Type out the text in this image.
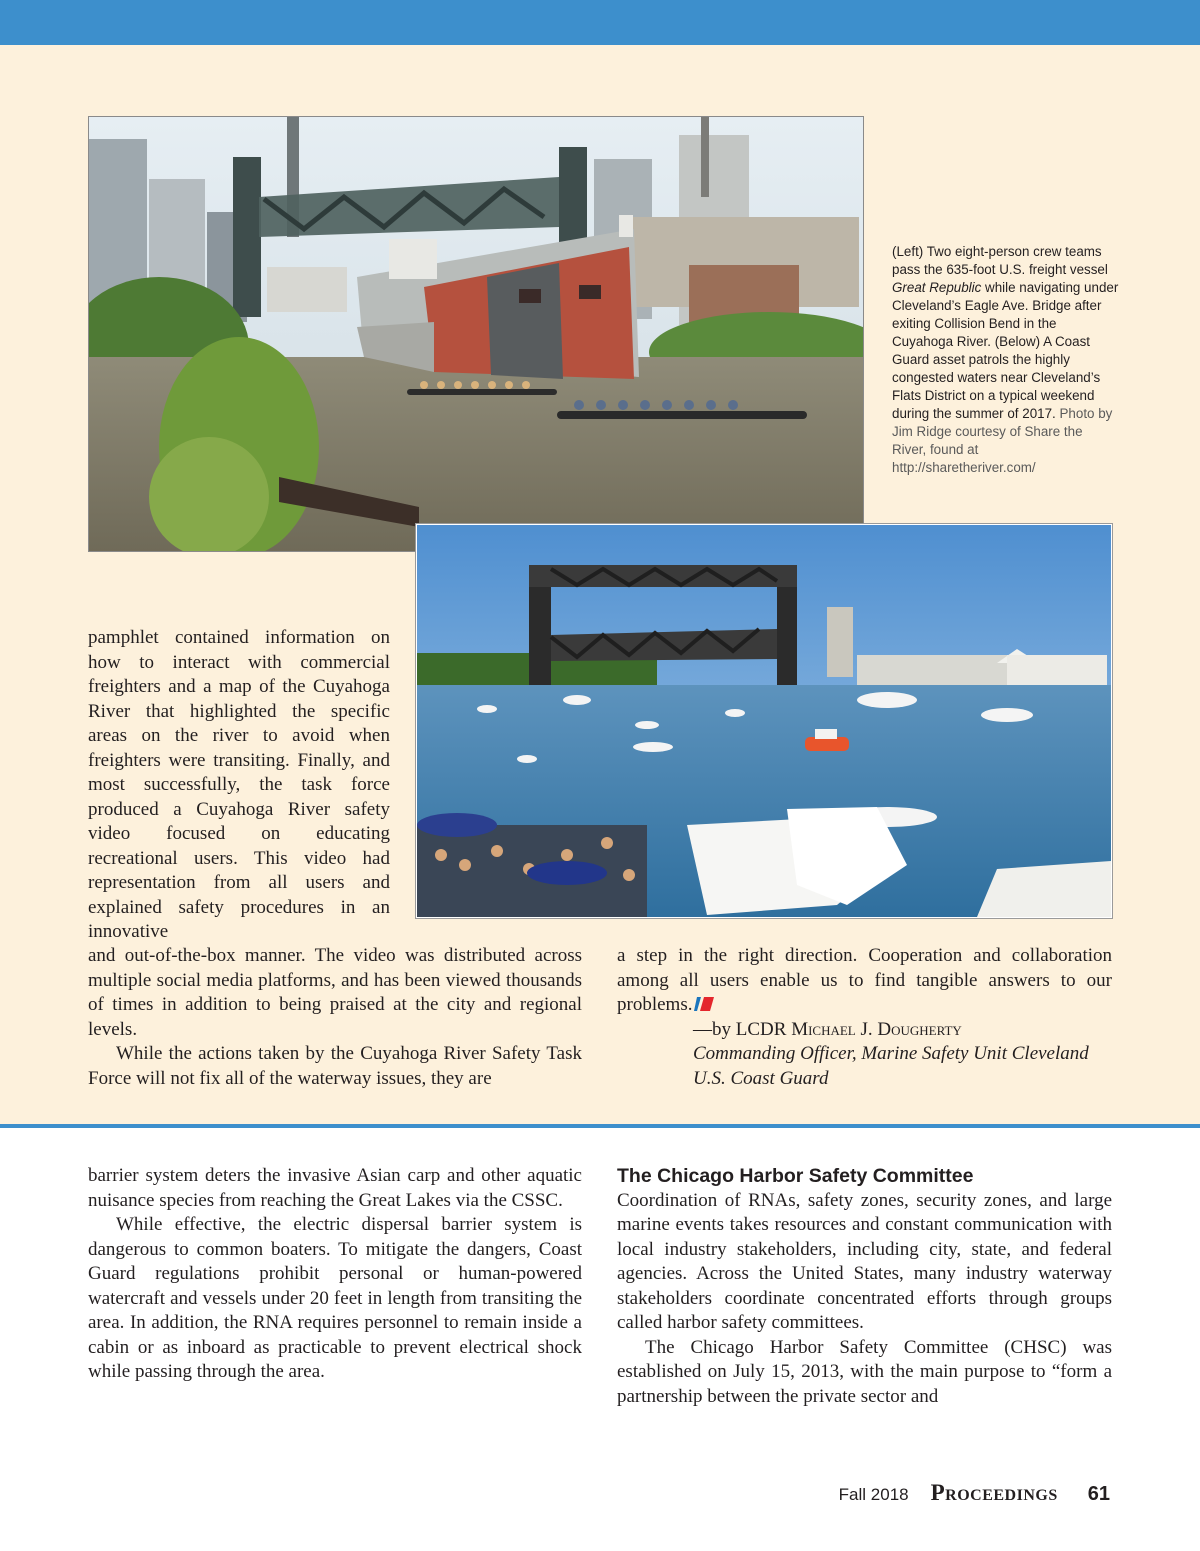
(Left) Two eight-person crew teams pass the 635-foot U.S. freight vessel Great Republic while navigating under Cleveland’s Eagle Ave. Bridge after exiting Collision Bend in the Cuyahoga River. (Below) A Coast Guard asset patrols the highly congested waters near Cleveland’s Flats District on a typical weekend during the summer of 2017. Photo by Jim Ridge courtesy of Share the River, found at http://sharetheriver.com/

pamphlet contained information on how to interact with commercial freighters and a map of the Cuyahoga River that highlighted the specific areas on the river to avoid when freighters were transiting. Finally, and most successfully, the task force produced a Cuyahoga River safety video focused on educating recreational users. This video had representation from all users and explained safety procedures in an innovative

and out-of-the-box manner. The video was distributed across multiple social media platforms, and has been viewed thousands of times in addition to being praised at the city and regional levels.

While the actions taken by the Cuyahoga River Safety Task Force will not fix all of the waterway issues, they are

a step in the right direction. Cooperation and collaboration among all users enable us to find tangible answers to our problems.

—by LCDR Michael J. Dougherty
Commanding Officer, Marine Safety Unit Cleveland
U.S. Coast Guard

barrier system deters the invasive Asian carp and other aquatic nuisance species from reaching the Great Lakes via the CSSC.

While effective, the electric dispersal barrier system is dangerous to common boaters. To mitigate the dangers, Coast Guard regulations prohibit personal or human-powered watercraft and vessels under 20 feet in length from transiting the area. In addition, the RNA requires personnel to remain inside a cabin or as inboard as practicable to prevent electrical shock while passing through the area.

The Chicago Harbor Safety Committee

Coordination of RNAs, safety zones, security zones, and large marine events takes resources and constant communication with local industry stakeholders, including city, state, and federal agencies. Across the United States, many industry waterway stakeholders coordinate concentrated efforts through groups called harbor safety committees.

The Chicago Harbor Safety Committee (CHSC) was established on July 15, 2013, with the main purpose to “form a partnership between the private sector and

Fall 2018 Proceedings 61
